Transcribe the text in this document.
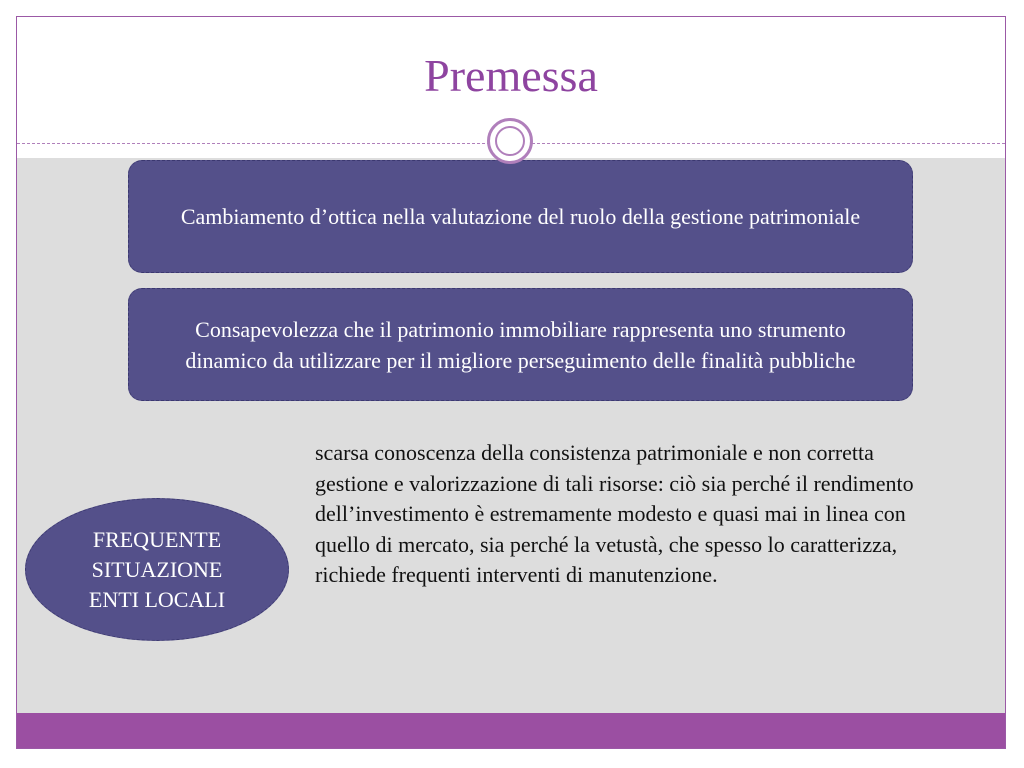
Premessa
Cambiamento d’ottica nella valutazione del ruolo della gestione patrimoniale
Consapevolezza che il patrimonio immobiliare rappresenta uno strumento dinamico da utilizzare per il migliore perseguimento delle finalità pubbliche
FREQUENTE
SITUAZIONE
ENTI LOCALI
scarsa conoscenza della consistenza patrimoniale e non corretta gestione e valorizzazione di tali risorse: ciò sia perché il rendimento dell’investimento è estremamente modesto e quasi mai in linea con quello di mercato, sia perché la vetustà, che spesso lo caratterizza, richiede frequenti interventi di manutenzione.
